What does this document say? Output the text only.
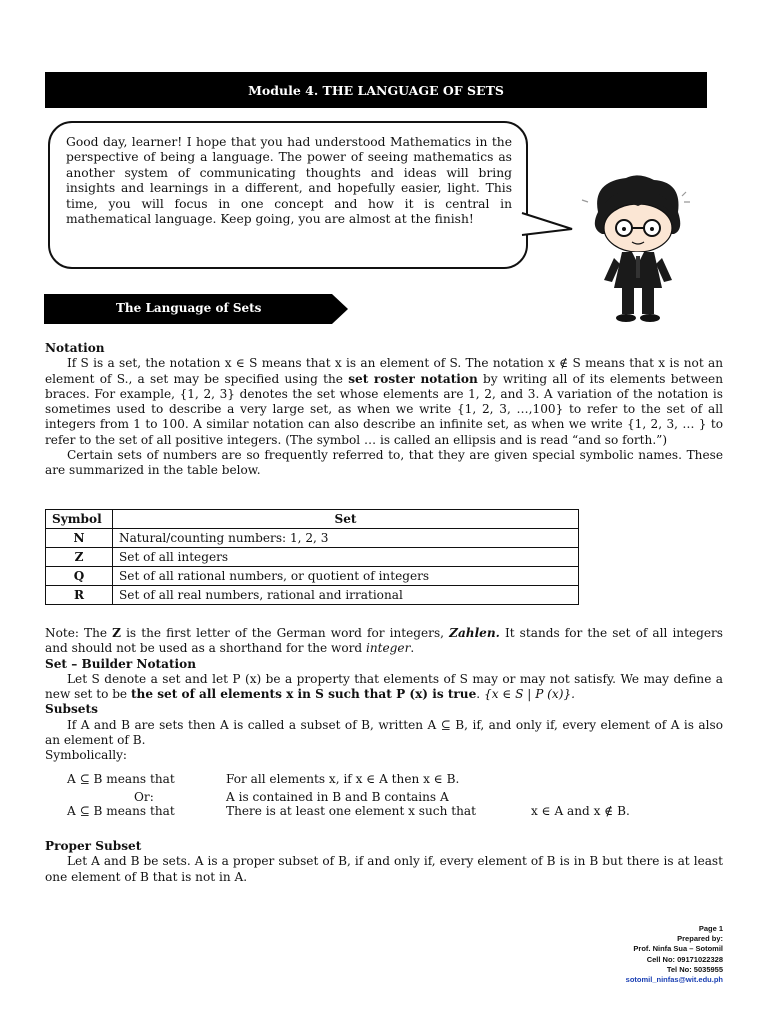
Module 4. THE LANGUAGE OF SETS
Good day, learner! I hope that you had understood Mathematics in the perspective of being a language. The power of seeing mathematics as another system of communicating thoughts and ideas will bring insights and learnings in a different, and hopefully easier, light. This time, you will focus in one concept and how it is central in mathematical language. Keep going, you are almost at the finish!
The Language of Sets

Notation

If S is a set, the notation x ∈ S means that x is an element of S. The notation x ∉ S means that x is not an element of S., a set may be specified using the set roster notation by writing all of its elements between braces. For example, {1, 2, 3} denotes the set whose elements are 1, 2, and 3. A variation of the notation is sometimes used to describe a very large set, as when we write {1, 2, 3, …,100} to refer to the set of all integers from 1 to 100. A similar notation can also describe an infinite set, as when we write {1, 2, 3, … } to refer to the set of all positive integers. (The symbol … is called an ellipsis and is read “and so forth.”)

Certain sets of numbers are so frequently referred to, that they are given special symbolic names. These are summarized in the table below.

Symbol	Set
N	Natural/counting numbers: 1, 2, 3
Z	Set of all integers
Q	Set of all rational numbers, or quotient of integers
R	Set of all real numbers, rational and irrational

Note: The Z is the first letter of the German word for integers, Zahlen. It stands for the set of all integers and should not be used as a shorthand for the word integer.

Set – Builder Notation

Let S denote a set and let P (x) be a property that elements of S may or may not satisfy. We may define a new set to be the set of all elements x in S such that P (x) is true. {x ∈ S | P (x)}.

Subsets

If A and B are sets then A is called a subset of B, written A ⊆ B, if, and only if, every element of A is also an element of B.

Symbolically:

A ⊆ B means that	For all elements x, if x ∈ A then x ∈ B.
Or:	A is contained in B and B contains A
A ⊆ B means that	There is at least one element x such that	x ∈ A and x ∉ B.

Proper Subset

Let A and B be sets. A is a proper subset of B, if and only if, every element of B is in B but there is at least one element of B that is not in A.

Page 1
Prepared by:
Prof. Ninfa Sua – Sotomil
Cell No: 09171022328
Tel No: 5035955
sotomil_ninfas@wit.edu.ph
